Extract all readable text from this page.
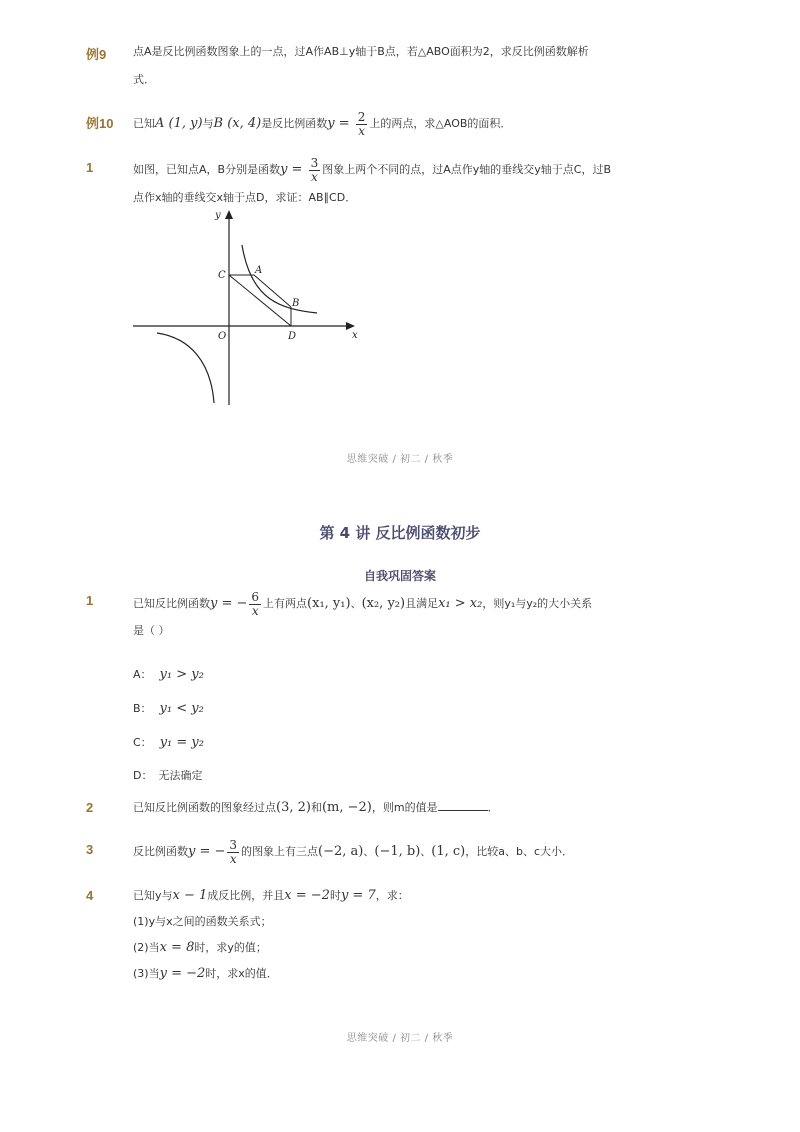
例9 点A是反比例函数图象上的一点，过A作AB⊥y轴于B点，若△ABO面积为2，求反比例函数解析
式．
例10 已知A (1, y)与B (x, 4)是反比例函数$y = \frac{2}{x}$ 上的两点，求△AOB的面积．
1	如图，已知点A，B分别是函数$y = \frac{3}{x}$ 图象上两个不同的点，过A点作y轴的垂线交y轴于点C，过B
点作x轴的垂线交x轴于点D，求证：AB∥CD．
y
x
O
C	A
B
D
思维突破 / 初二 / 秋季
第 4 讲 反比例函数初步
自我巩固答案
1	已知反比例函数y = − $\frac{6}{x}$ 上有两点(x₁, y₁)、(x₂, y₂)且满足x₁ > x₂，则y₁与y₂的大小关系
是（ ）
A： y₁ > y₂
B： y₁ < y₂
C： y₁ = y₂
D： 无法确定
2	已知反比例函数的图象经过点(3, 2)和(m, −2)，则m的值是	．
3	反比例函数y = − $\frac{3}{x}$ 的图象上有三点(−2, a)、(−1, b)、(1, c)，比较a、b、c大小．
4	已知y与x − 1成反比例，并且x = −2时y = 7，求：
(1)y与x之间的函数关系式；
(2)当x = 8时，求y的值；
(3)当y = −2时，求x的值．
思维突破 / 初二 / 秋季
